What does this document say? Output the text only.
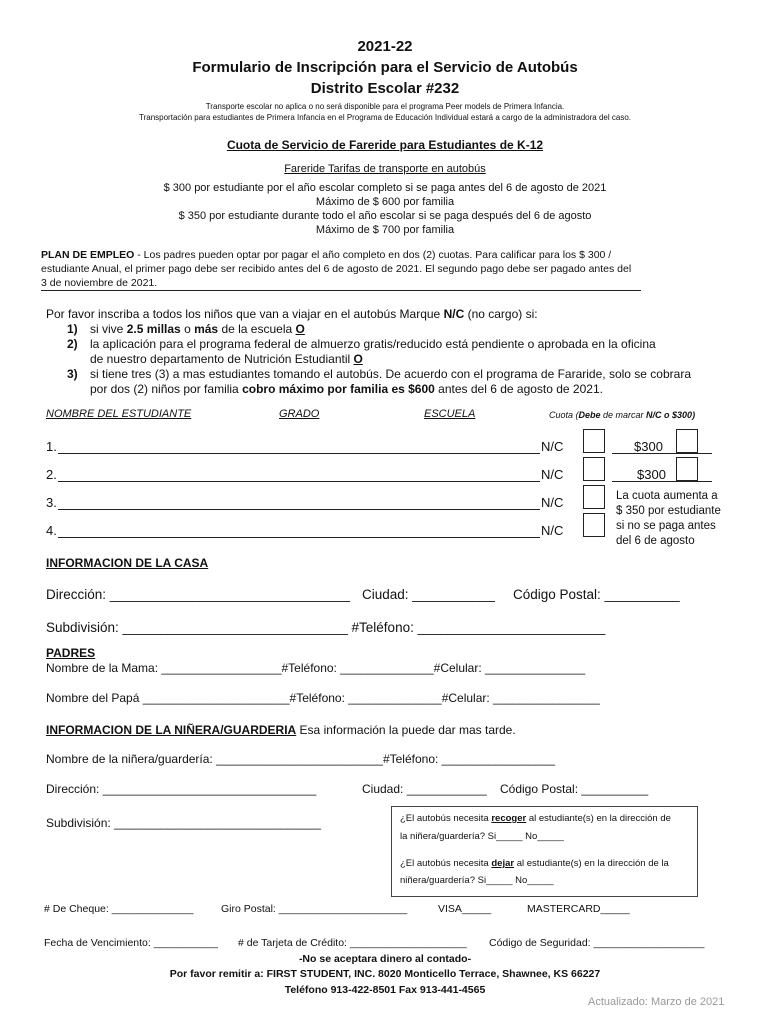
2021-22
Formulario de Inscripción para el Servicio de Autobús
Distrito Escolar #232
Transporte escolar no aplica o no será disponible para el programa Peer models de Primera Infancia.
Transportación para estudiantes de Primera Infancia en el Programa de Educación Individual estará a cargo de la administradora del caso.
Cuota de Servicio de Fareride para Estudiantes de K-12
Fareride Tarifas de transporte en autobús
$ 300 por estudiante por el año escolar completo si se paga antes del 6 de agosto de 2021
Máximo de $ 600 por familia
$ 350 por estudiante durante todo el año escolar si se paga después del 6 de agosto
Máximo de $ 700 por familia
PLAN DE EMPLEO - Los padres pueden optar por pagar el año completo en dos (2) cuotas. Para calificar para los $ 300 /
estudiante Anual, el primer pago debe ser recibido antes del 6 de agosto de 2021. El segundo pago debe ser pagado antes del
3 de noviembre de 2021.
Por favor inscriba a todos los niños que van a viajar en el autobús Marque N/C (no cargo) si:
1) si vive 2.5 millas o más de la escuela O
2) la aplicación para el programa federal de almuerzo gratis/reducido está pendiente o aprobada en la oficina
de nuestro departamento de Nutrición Estudiantil O
3) si tiene tres (3) a mas estudiantes tomando el autobús. De acuerdo con el programa de Fararide, solo se cobrara
por dos (2) niños por familia cobro máximo por familia es $600 antes del 6 de agosto de 2021.
NOMBRE DEL ESTUDIANTE	GRADO	ESCUELA	Cuota (Debe de marcar N/C o $300)
1.	N/C	$300
2.	N/C	$300
3.	N/C
4.	N/C
La cuota aumenta a
$ 350 por estudiante
si no se paga antes
del 6 de agosto
INFORMACION DE LA CASA
Dirección: ________________________________ Ciudad: ___________ Código Postal: __________
Subdivisión: ______________________________ #Teléfono: _________________________
PADRES
Nombre de la Mama: __________________#Teléfono: ______________#Celular: _______________
Nombre del Papá ______________________#Teléfono: ______________#Celular: ________________
INFORMACION DE LA NIÑERA/GUARDERIA Esa información la puede dar mas tarde.
Nombre de la niñera/guardería: _________________________#Teléfono: _________________
Dirección: ________________________________	Ciudad: ____________ Código Postal: __________
Subdivisión: _______________________________	¿El autobús necesita recoger al estudiante(s) en la dirección de
la niñera/guardería? Si_____ No_____
¿El autobús necesita dejar al estudiante(s) en la dirección de la
niñera/guardería? Si_____ No_____
# De Cheque: ______________	Giro Postal: ______________________	VISA_____	MASTERCARD_____
Fecha de Vencimiento: ___________ # de Tarjeta de Crédito: ____________________ Código de Seguridad: ___________________
-No se aceptara dinero al contado-
Por favor remitir a: FIRST STUDENT, INC. 8020 Monticello Terrace, Shawnee, KS 66227
Teléfono 913-422-8501 Fax 913-441-4565
Actualizado: Marzo de 2021
